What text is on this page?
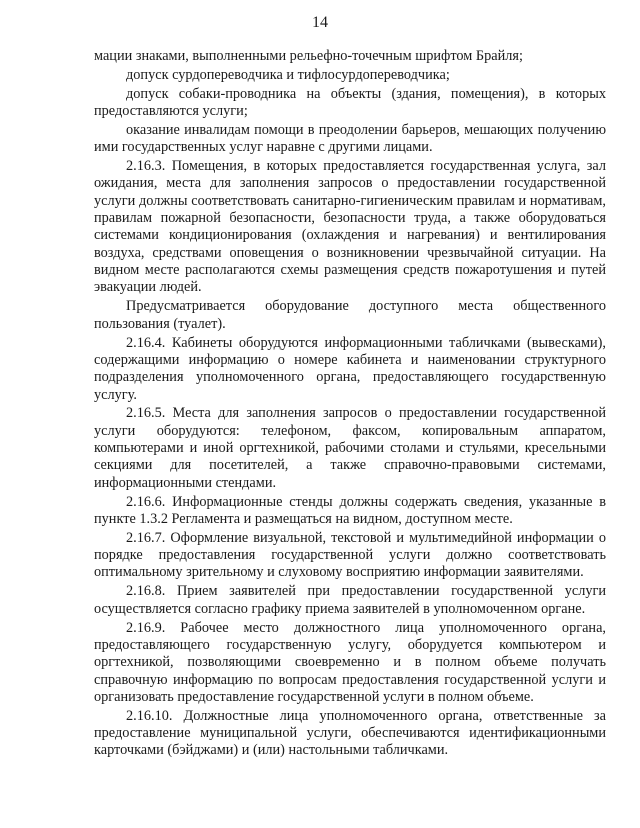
14

мации знаками, выполненными рельефно-точечным шрифтом Брайля;

допуск сурдопереводчика и тифлосурдопереводчика;

допуск собаки-проводника на объекты (здания, помещения), в которых предоставляются услуги;

оказание инвалидам помощи в преодолении барьеров, мешающих получению ими государственных услуг наравне с другими лицами.

2.16.3. Помещения, в которых предоставляется государственная услуга, зал ожидания, места для заполнения запросов о предоставлении государственной услуги должны соответствовать санитарно-гигиеническим правилам и нормативам, правилам пожарной безопасности, безопасности труда, а также оборудоваться системами кондиционирования (охлаждения и нагревания) и вентилирования воздуха, средствами оповещения о возникновении чрезвычайной ситуации. На видном месте располагаются схемы размещения средств пожаротушения и путей эвакуации людей.

Предусматривается оборудование доступного места общественного пользования (туалет).

2.16.4. Кабинеты оборудуются информационными табличками (вывесками), содержащими информацию о номере кабинета и наименовании структурного подразделения уполномоченного органа, предоставляющего государственную услугу.

2.16.5. Места для заполнения запросов о предоставлении государственной услуги оборудуются: телефоном, факсом, копировальным аппаратом, компьютерами и иной оргтехникой, рабочими столами и стульями, кресельными секциями для посетителей, а также справочно-правовыми системами, информационными стендами.

2.16.6. Информационные стенды должны содержать сведения, указанные в пункте 1.3.2 Регламента и размещаться на видном, доступном месте.

2.16.7. Оформление визуальной, текстовой и мультимедийной информации о порядке предоставления государственной услуги должно соответствовать оптимальному зрительному и слуховому восприятию информации заявителями.

2.16.8. Прием заявителей при предоставлении государственной услуги осуществляется согласно графику приема заявителей в уполномоченном органе.

2.16.9. Рабочее место должностного лица уполномоченного органа, предоставляющего государственную услугу, оборудуется компьютером и оргтехникой, позволяющими своевременно и в полном объеме получать справочную информацию по вопросам предоставления государственной услуги и организовать предоставление государственной услуги в полном объеме.

2.16.10. Должностные лица уполномоченного органа, ответственные за предоставление муниципальной услуги, обеспечиваются идентификационными карточками (бэйджами) и (или) настольными табличками.
